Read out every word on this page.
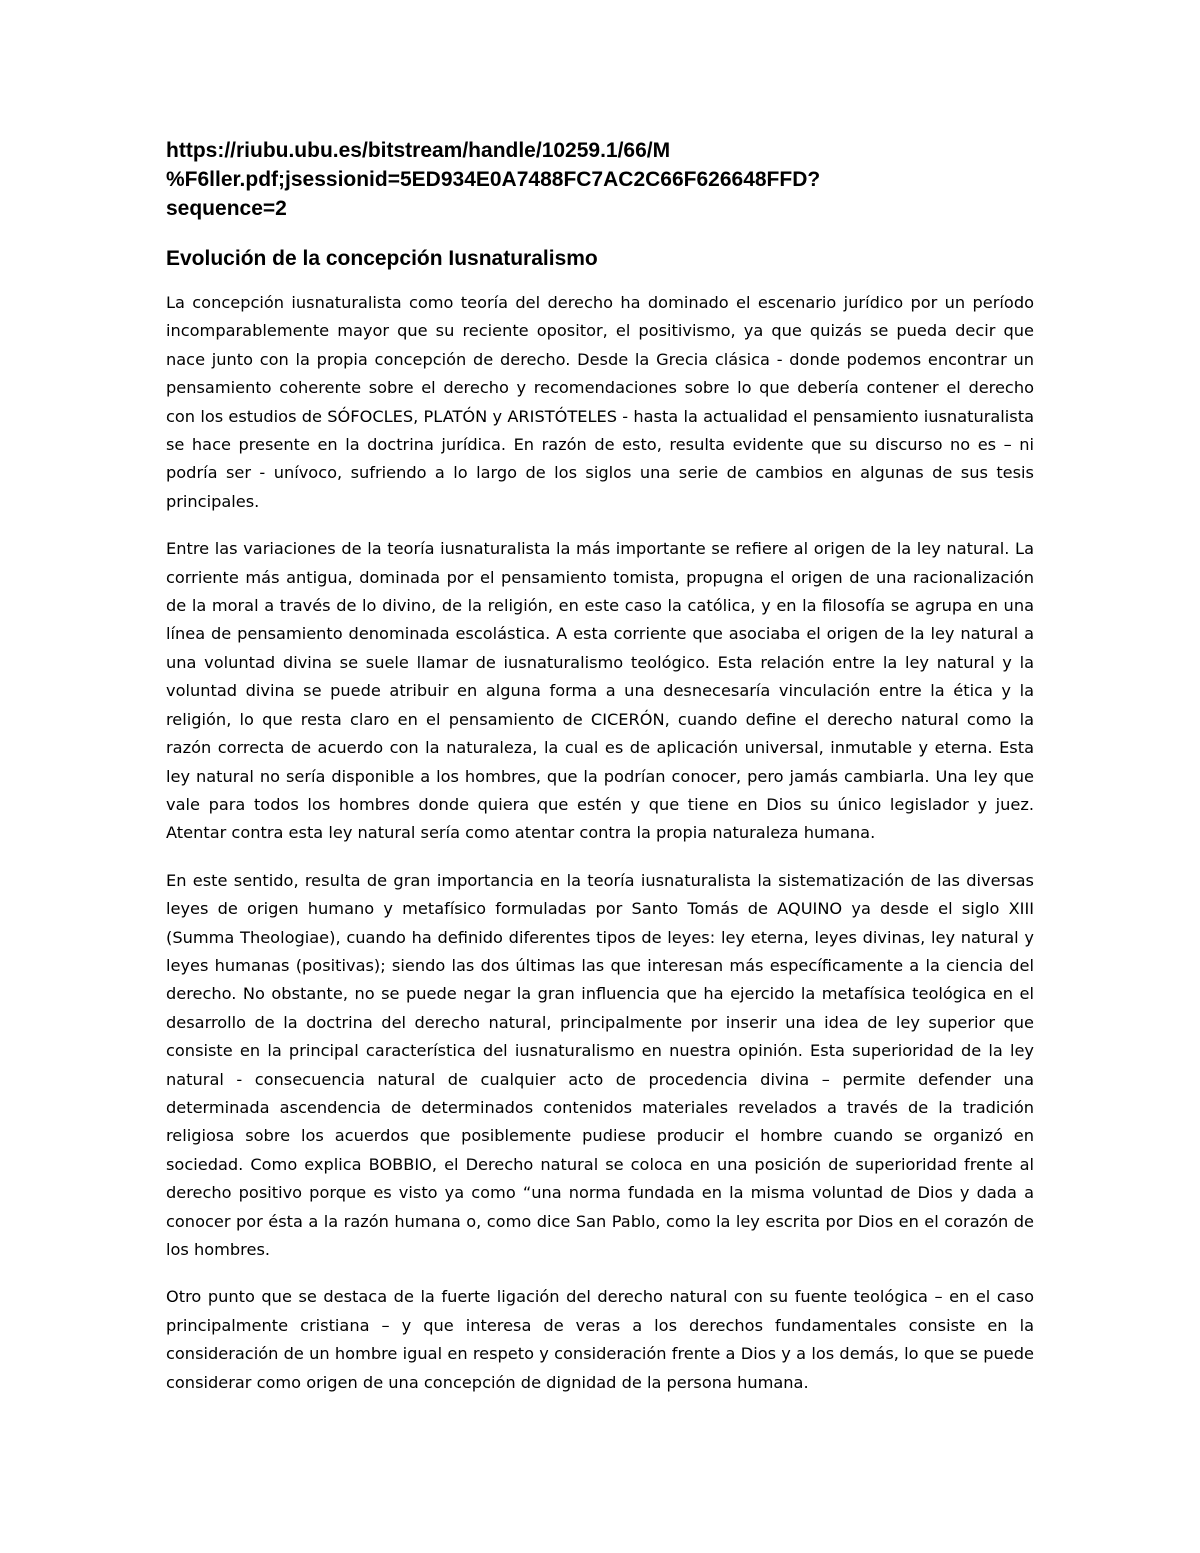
https://riubu.ubu.es/bitstream/handle/10259.1/66/M

%F6ller.pdf;jsessionid=5ED934E0A7488FC7AC2C66F626648FFD?

sequence=2

Evolución de la concepción Iusnaturalismo

La concepción iusnaturalista como teoría del derecho ha dominado el escenario jurídico por un período incomparablemente mayor que su reciente opositor, el positivismo, ya que quizás se pueda decir que nace junto con la propia concepción de derecho. Desde la Grecia clásica - donde podemos encontrar un pensamiento coherente sobre el derecho y recomendaciones sobre lo que debería contener el derecho con los estudios de SÓFOCLES, PLATÓN y ARISTÓTELES - hasta la actualidad el pensamiento iusnaturalista se hace presente en la doctrina jurídica. En razón de esto, resulta evidente que su discurso no es – ni podría ser - unívoco, sufriendo a lo largo de los siglos una serie de cambios en algunas de sus tesis principales.

Entre las variaciones de la teoría iusnaturalista la más importante se refiere al origen de la ley natural. La corriente más antigua, dominada por el pensamiento tomista, propugna el origen de una racionalización de la moral a través de lo divino, de la religión, en este caso la católica, y en la filosofía se agrupa en una línea de pensamiento denominada escolástica. A esta corriente que asociaba el origen de la ley natural a una voluntad divina se suele llamar de iusnaturalismo teológico. Esta relación entre la ley natural y la voluntad divina se puede atribuir en alguna forma a una desnecesaría vinculación entre la ética y la religión, lo que resta claro en el pensamiento de CICERÓN, cuando define el derecho natural como la razón correcta de acuerdo con la naturaleza, la cual es de aplicación universal, inmutable y eterna. Esta ley natural no sería disponible a los hombres, que la podrían conocer, pero jamás cambiarla. Una ley que vale para todos los hombres donde quiera que estén y que tiene en Dios su único legislador y juez. Atentar contra esta ley natural sería como atentar contra la propia naturaleza humana.

En este sentido, resulta de gran importancia en la teoría iusnaturalista la sistematización de las diversas leyes de origen humano y metafísico formuladas por Santo Tomás de AQUINO ya desde el siglo XIII (Summa Theologiae), cuando ha definido diferentes tipos de leyes: ley eterna, leyes divinas, ley natural y leyes humanas (positivas); siendo las dos últimas las que interesan más específicamente a la ciencia del derecho. No obstante, no se puede negar la gran influencia que ha ejercido la metafísica teológica en el desarrollo de la doctrina del derecho natural, principalmente por inserir una idea de ley superior que consiste en la principal característica del iusnaturalismo en nuestra opinión. Esta superioridad de la ley natural - consecuencia natural de cualquier acto de procedencia divina – permite defender una determinada ascendencia de determinados contenidos materiales revelados a través de la tradición religiosa sobre los acuerdos que posiblemente pudiese producir el hombre cuando se organizó en sociedad. Como explica BOBBIO, el Derecho natural se coloca en una posición de superioridad frente al derecho positivo porque es visto ya como “una norma fundada en la misma voluntad de Dios y dada a conocer por ésta a la razón humana o, como dice San Pablo, como la ley escrita por Dios en el corazón de los hombres.

Otro punto que se destaca de la fuerte ligación del derecho natural con su fuente teológica – en el caso principalmente cristiana – y que interesa de veras a los derechos fundamentales consiste en la consideración de un hombre igual en respeto y consideración frente a Dios y a los demás, lo que se puede considerar como origen de una concepción de dignidad de la persona humana.
